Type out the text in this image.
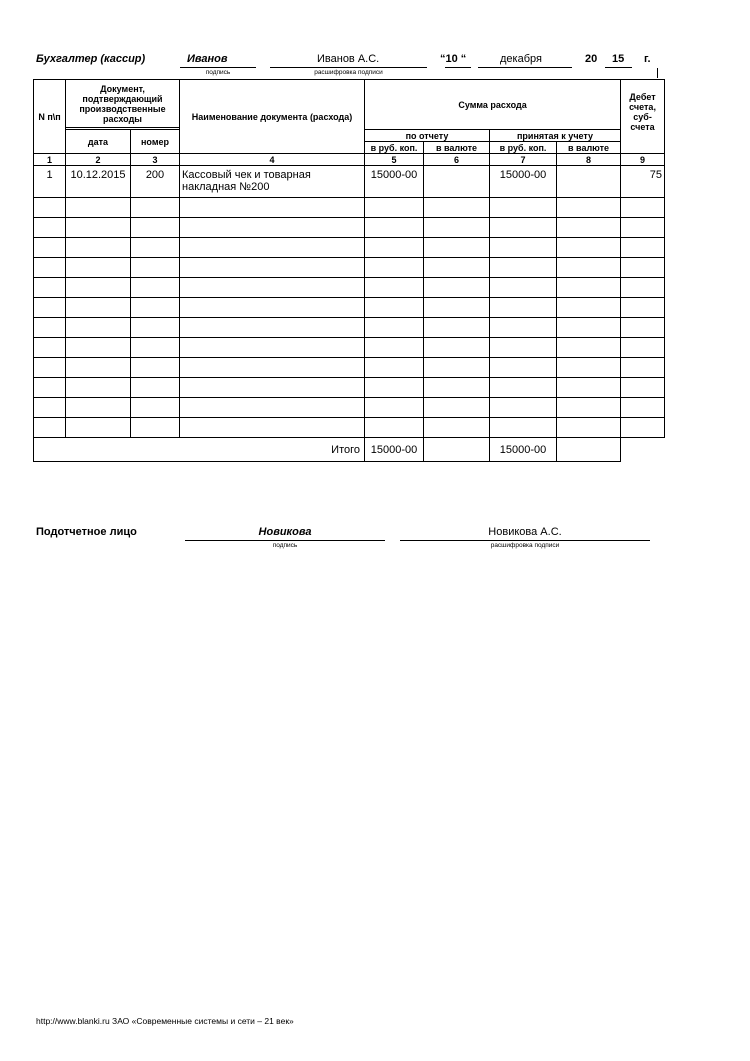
Бухгалтер (кассир)	Иванов
подпись
Иванов А.С.
расшифровка подписи
“10 “	декабря	20 15 г.
N п\п	Документ, подтверждающий производственные расходы		Наименование документа (расхода)	Сумма расхода				Дебет счета, суб-счета

	дата	номер		по отчету		принятая к учету		
				в руб. коп.	в валюте	в руб. коп.	в валюте	
1	2	3	4	5	6	7	8	9
1	10.12.2015	200	Кассовый чек и товарная накладная №200	15000-00		15000-00		75

Итого				15000-00		15000-00		
Подотчетное лицо	Новикова
подпись
Новикова А.С.
расшифровка подписи
http://www.blanki.ru ЗАО «Современные системы и сети – 21 век»
